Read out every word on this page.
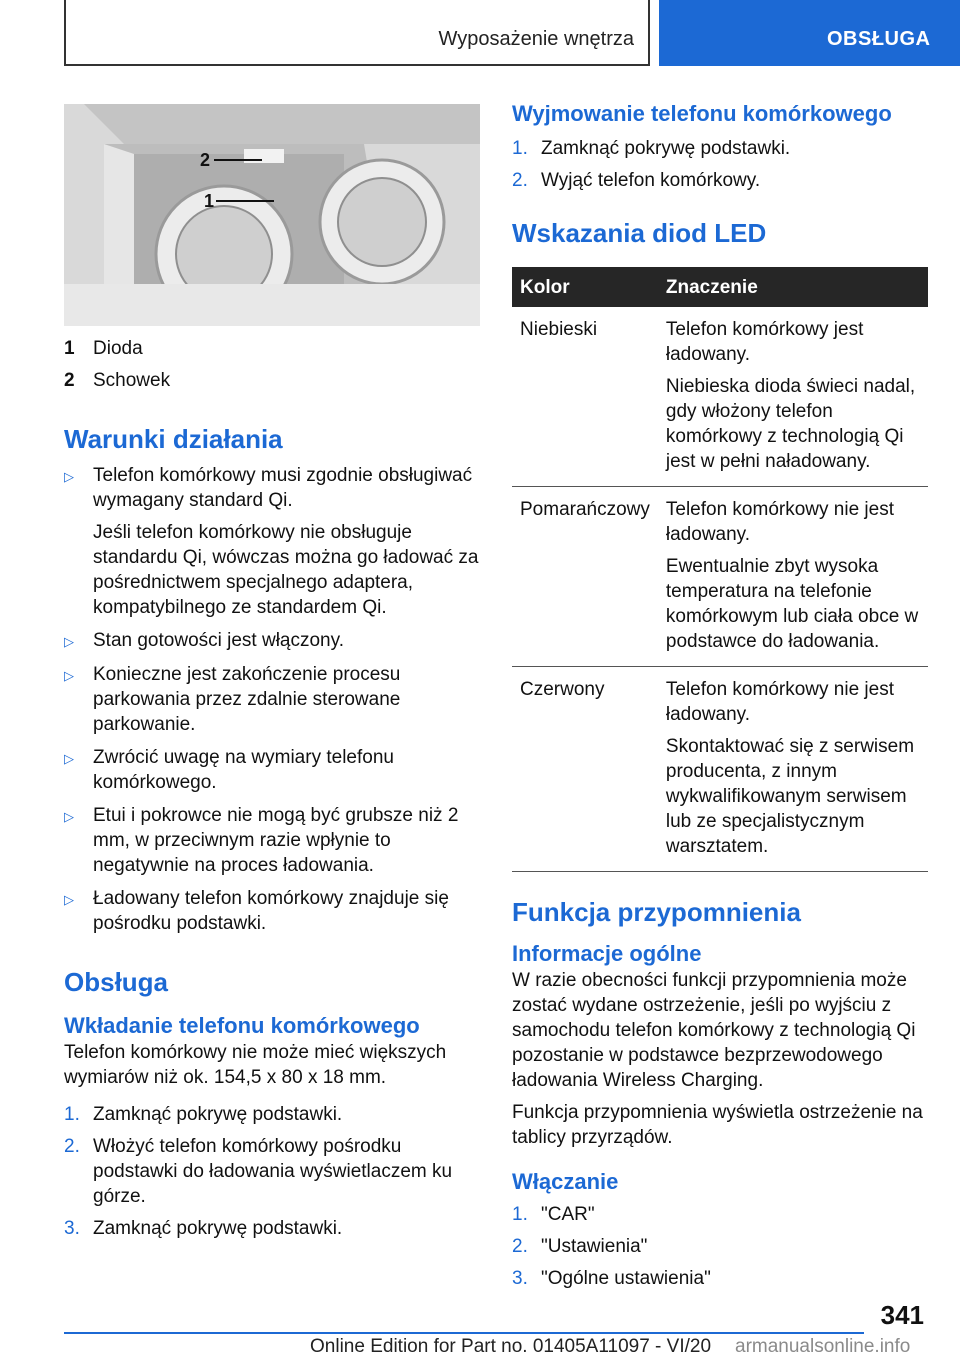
Wyposażenie wnętrza	OBSŁUGA
2
1
1 Dioda
2 Schowek
Warunki działania
▷	Telefon komórkowy musi zgodnie obsługiwać wymagany standard Qi.

Jeśli telefon komórkowy nie obsługuje standardu Qi, wówczas można go ładować za pośrednictwem specjalnego adaptera, kompatybilnego ze standardem Qi.

▷	Stan gotowości jest włączony.

▷	Konieczne jest zakończenie procesu parkowania przez zdalnie sterowane parkowanie.

▷	Zwrócić uwagę na wymiary telefonu komórkowego.

▷	Etui i pokrowce nie mogą być grubsze niż 2 mm, w przeciwnym razie wpłynie to negatywnie na proces ładowania.

▷	Ładowany telefon komórkowy znajduje się pośrodku podstawki.

Obsługa
Wkładanie telefonu komórkowego

Telefon komórkowy nie może mieć większych wymiarów niż ok. 154,5 x 80 x 18 mm.

1. Zamknąć pokrywę podstawki.
2. Włożyć telefon komórkowy pośrodku podstawki do ładowania wyświetlaczem ku górze.
3. Zamknąć pokrywę podstawki.
Wyjmowanie telefonu komórkowego
1. Zamknąć pokrywę podstawki.
2. Wyjąć telefon komórkowy.
Wskazania diod LED
Kolor	Znaczenie
Niebieski	Telefon komórkowy jest ładowany.

Niebieska dioda świeci nadal, gdy włożony telefon komórkowy z technologią Qi jest w pełni naładowany.

Pomarańczowy	Telefon komórkowy nie jest ładowany.

Ewentualnie zbyt wysoka temperatura na telefonie komórkowym lub ciała obce w podstawce do ładowania.

Czerwony	Telefon komórkowy nie jest ładowany.

Skontaktować się z serwisem producenta, z innym wykwalifikowanym serwisem lub ze specjalistycznym warsztatem.

Funkcja przypomnienia
Informacje ogólne

W razie obecności funkcji przypomnienia może zostać wydane ostrzeżenie, jeśli po wyjściu z samochodu telefon komórkowy z technologią Qi pozostanie w podstawce bezprzewodowego ładowania Wireless Charging.

Funkcja przypomnienia wyświetla ostrzeżenie na tablicy przyrządów.

Włączanie
1. "CAR"
2. "Ustawienia"
3. "Ogólne ustawienia"
341
Online Edition for Part no. 01405A11097 - VI/20 armanualsonline.info
